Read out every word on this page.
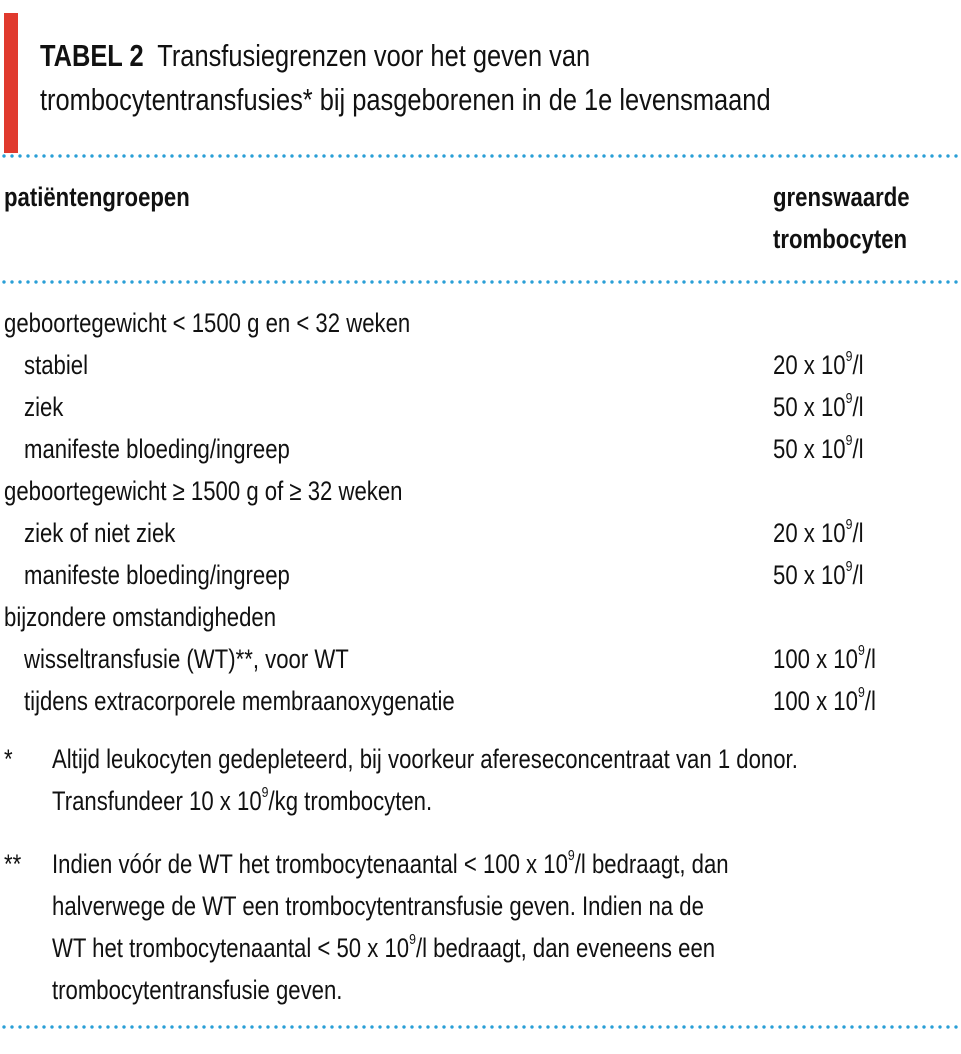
TABEL 2 Transfusiegrenzen voor het geven van
trombocytentransfusies* bij pasgeborenen in de 1e levensmaand
patiëntengroepen	grenswaarde
trombocyten
geboortegewicht < 1500 g en < 32 weken
stabiel	20 x $10^9/l$
ziek	50 x $10^9/l$
manifeste bloeding/ingreep	50 x $10^9/l$
geboortegewicht ≥ 1500 g of ≥ 32 weken
ziek of niet ziek	20 x $10^9/l$
manifeste bloeding/ingreep	50 x $10^9/l$
bijzondere omstandigheden
wisseltransfusie (WT)**, voor WT	100 x $10^9/l$
tijdens extracorporele membraanoxygenatie	100 x $10^9/l$
* Altijd leukocyten gedepleteerd, bij voorkeur afereseconcentraat van 1 donor.
Transfundeer 10 x $10^9/kg$ trombocyten.
** Indien vóór de WT het trombocytenaantal < 100 x $10^9/l$ bedraagt, dan
halverwege de WT een trombocytentransfusie geven. Indien na de
WT het trombocytenaantal < 50 x $10^9/l$ bedraagt, dan eveneens een
trombocytentransfusie geven.
